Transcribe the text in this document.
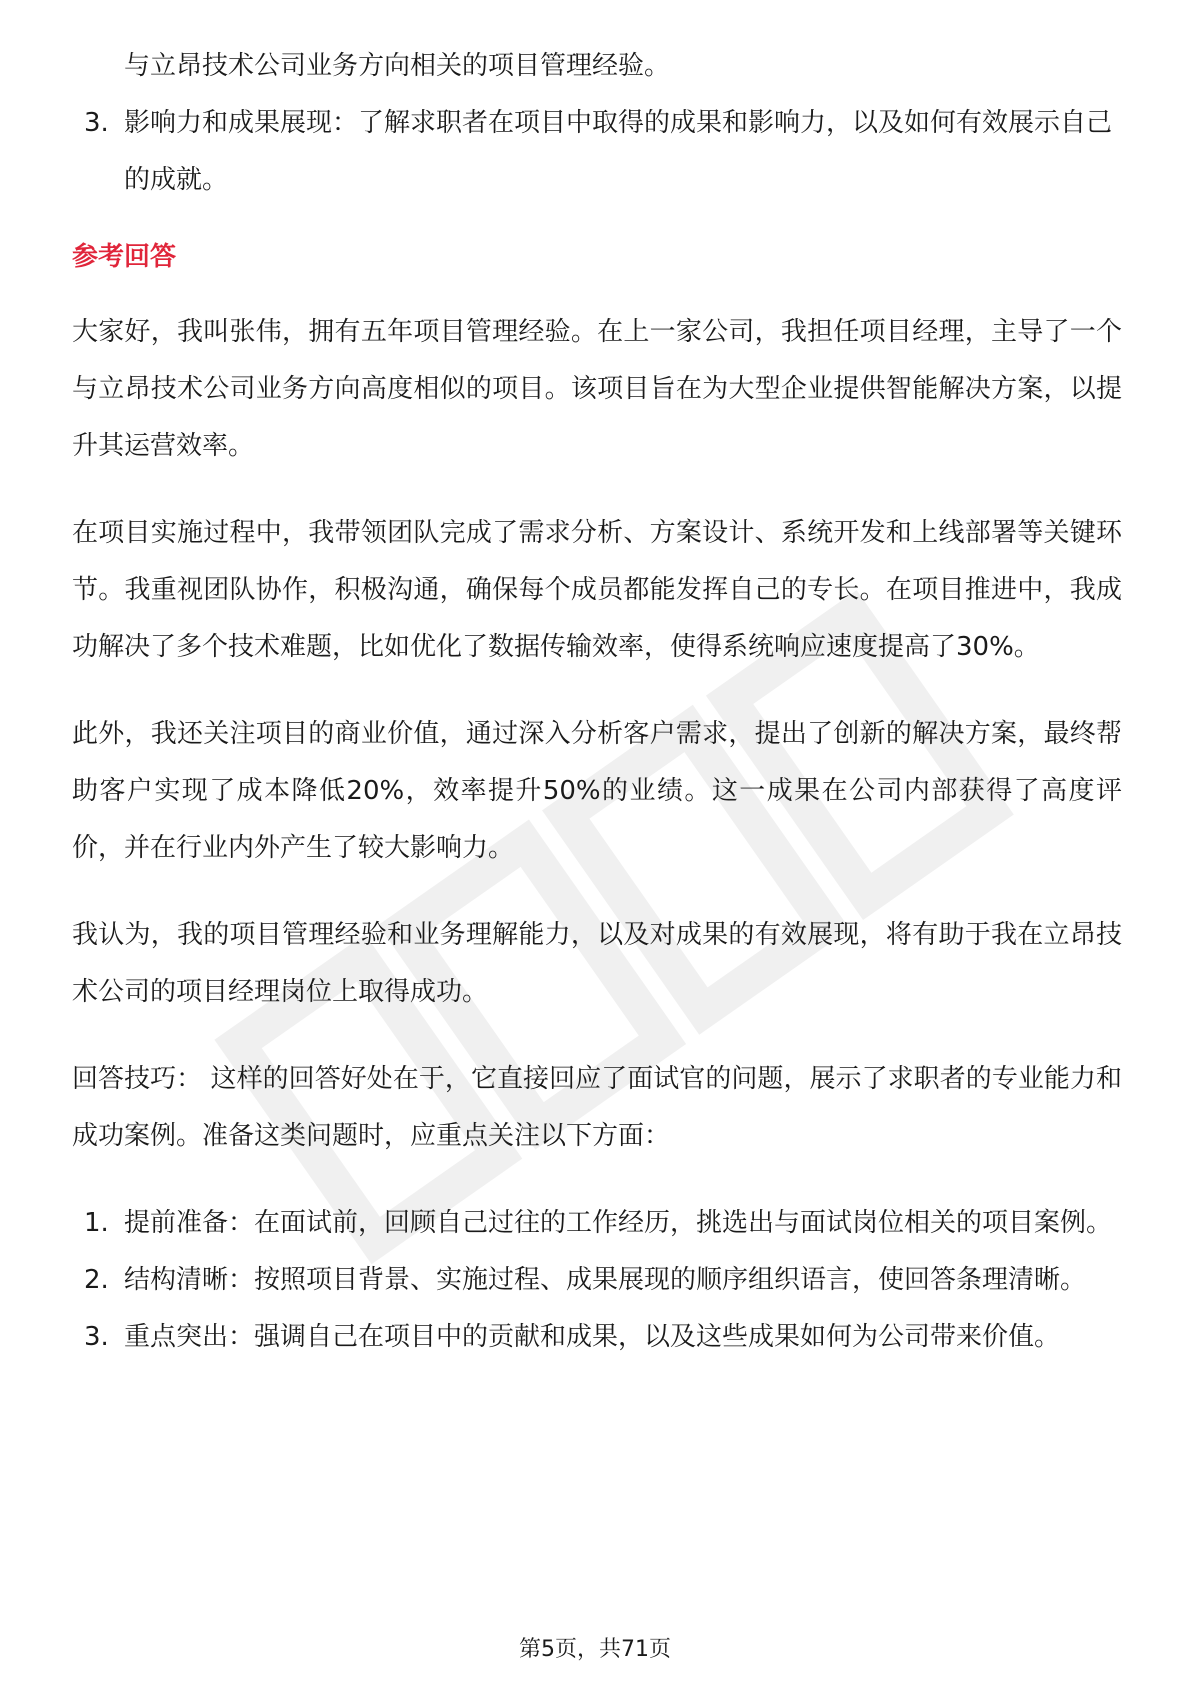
与立昂技术公司业务方向相关的项目管理经验。

3. 影响力和成果展现：了解求职者在项目中取得的成果和影响力，以及如何有效展示自己的成就。
参考回答

大家好，我叫张伟，拥有五年项目管理经验。在上一家公司，我担任项目经理，主导了一个与立昂技术公司业务方向高度相似的项目。该项目旨在为大型企业提供智能解决方案，以提升其运营效率。

在项目实施过程中，我带领团队完成了需求分析、方案设计、系统开发和上线部署等关键环节。我重视团队协作，积极沟通，确保每个成员都能发挥自己的专长。在项目推进中，我成功解决了多个技术难题，比如优化了数据传输效率，使得系统响应速度提高了30%。

此外，我还关注项目的商业价值，通过深入分析客户需求，提出了创新的解决方案，最终帮助客户实现了成本降低20%，效率提升50%的业绩。这一成果在公司内部获得了高度评价，并在行业内外产生了较大影响力。

我认为，我的项目管理经验和业务理解能力，以及对成果的有效展现，将有助于我在立昂技术公司的项目经理岗位上取得成功。

回答技巧： 这样的回答好处在于，它直接回应了面试官的问题，展示了求职者的专业能力和成功案例。准备这类问题时，应重点关注以下方面：

1. 提前准备：在面试前，回顾自己过往的工作经历，挑选出与面试岗位相关的项目案例。
2. 结构清晰：按照项目背景、实施过程、成果展现的顺序组织语言，使回答条理清晰。
3. 重点突出：强调自己在项目中的贡献和成果，以及这些成果如何为公司带来价值。
第5页，共71页
